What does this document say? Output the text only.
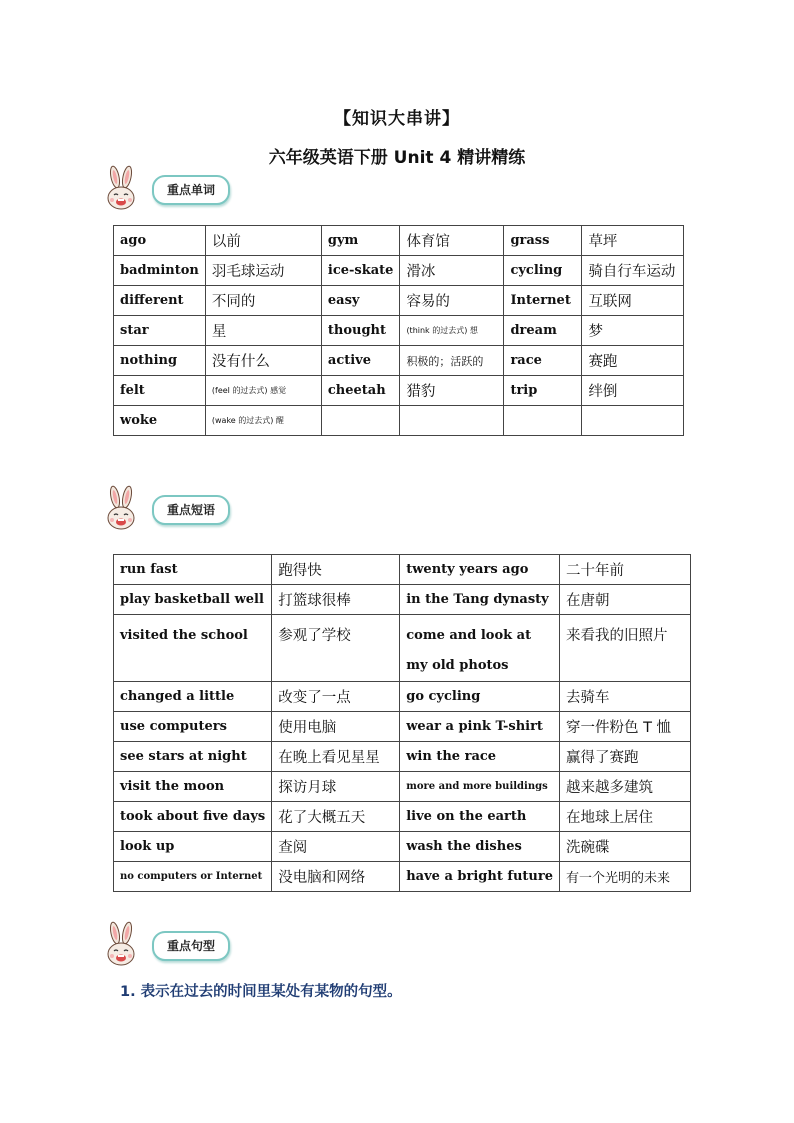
【知识大串讲】
六年级英语下册 Unit 4 精讲精练
重点单词
ago	以前	gym	体育馆	grass	草坪
badminton	羽毛球运动	ice-skate	滑冰	cycling	骑自行车运动
different	不同的	easy	容易的	Internet	互联网
star	星	thought	(think 的过去式) 想	dream	梦
nothing	没有什么	active	积极的；活跃的	race	赛跑
felt	(feel 的过去式) 感觉	cheetah	猎豹	trip	绊倒
woke	(wake 的过去式) 醒				
重点短语
run fast	跑得快	twenty years ago	二十年前
play basketball well	打篮球很棒	in the Tang dynasty	在唐朝
visited the school	参观了学校	come and look at my old photos	来看我的旧照片
changed a little	改变了一点	go cycling	去骑车
use computers	使用电脑	wear a pink T-shirt	穿一件粉色 T 恤
see stars at night	在晚上看见星星	win the race	赢得了赛跑
visit the moon	探访月球	more and more buildings	越来越多建筑
took about five days	花了大概五天	live on the earth	在地球上居住
look up	查阅	wash the dishes	洗碗碟
no computers or Internet	没电脑和网络	have a bright future	有一个光明的未来
重点句型
1. 表示在过去的时间里某处有某物的句型。
